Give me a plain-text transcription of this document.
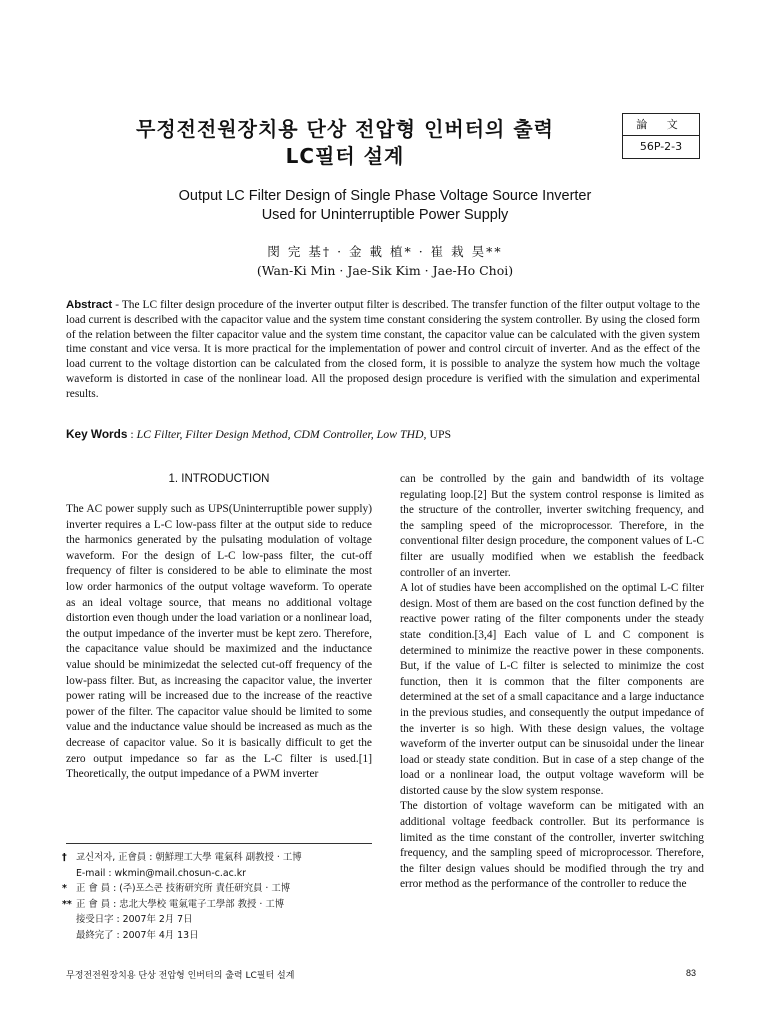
무정전전원장치용 단상 전압형 인버터의 출력
LC필터 설계
論 文
56P-2-3
Output LC Filter Design of Single Phase Voltage Source Inverter
Used for Uninterruptible Power Supply
閔 完 基† · 金 載 植* · 崔 栽 昊**
(Wan-Ki Min · Jae-Sik Kim · Jae-Ho Choi)
Abstract - The LC filter design procedure of the inverter output filter is described. The transfer function of the filter output voltage to the load current is described with the capacitor value and the system time constant considering the system controller. By using the closed form of the relation between the filter capacitor value and the system time constant, the capacitor value can be calculated with the given system time constant and vice versa. It is more practical for the implementation of power and control circuit of inverter. And as the effect of the load current to the voltage distortion can be calculated from the closed form, it is possible to analyze the system how much the voltage waveform is distorted in case of the nonlinear load. All the proposed design procedure is verified with the simulation and experimental results.
Key Words : LC Filter, Filter Design Method, CDM Controller, Low THD, UPS
1. INTRODUCTION

The AC power supply such as UPS(Uninterruptible power supply) inverter requires a L-C low-pass filter at the output side to reduce the harmonics generated by the pulsating modulation of voltage waveform. For the design of L-C low-pass filter, the cut-off frequency of filter is considered to be able to eliminate the most low order harmonics of the output voltage waveform. To operate as an ideal voltage source, that means no additional voltage distortion even though under the load variation or a nonlinear load, the output impedance of the inverter must be kept zero. Therefore, the capacitance value should be maximized and the inductance value should be minimizedat the selected cut-off frequency of the low-pass filter. But, as increasing the capacitor value, the inverter power rating will be increased due to the increase of the reactive power of the filter. The capacitor value should be limited to some value and the inductance value should be increased as much as the decrease of capacitor value. So it is basically difficult to get the zero output impedance so far as the L-C filter is used.[1] Theoretically, the output impedance of a PWM inverter

can be controlled by the gain and bandwidth of its voltage regulating loop.[2] But the system control response is limited as the structure of the controller, inverter switching frequency, and the sampling speed of the microprocessor. Therefore, in the conventional filter design procedure, the component values of L-C filter are usually modified when we establish the feedback controller of an inverter.

A lot of studies have been accomplished on the optimal L-C filter design. Most of them are based on the cost function defined by the reactive power rating of the filter components under the steady state condition.[3,4] Each value of L and C component is determined to minimize the reactive power in these components. But, if the value of L-C filter is selected to minimize the cost function, then it is common that the filter components are determined at the set of a small capacitance and a large inductance in the previous studies, and consequently the output impedance of the inverter is so high. With these design values, the voltage waveform of the inverter output can be sinusoidal under the linear load or steady state condition. But in case of a step change of the load or a nonlinear load, the output voltage waveform will be distorted cause by the slow system response.

The distortion of voltage waveform can be mitigated with an additional voltage feedback controller. But its performance is limited as the time constant of the controller, inverter switching frequency, and the sampling speed of microprocessor. Therefore, the filter design values should be modified through the try and error method as the performance of the controller to reduce the

† 교신저자, 正會員 : 朝鮮理工大學 電氣科 副教授 · 工博
E-mail : wkmin@mail.chosun-c.ac.kr
* 正 會 員 : (주)포스콘 技術研究所 責任研究員 · 工博
** 正 會 員 : 忠北大學校 電氣電子工學部 教授 · 工博
接受日字 : 2007年 2月 7日
最終完了 : 2007年 4月 13日
무정전전원장치용 단상 전압형 인버터의 출력 LC필터 설계	83
